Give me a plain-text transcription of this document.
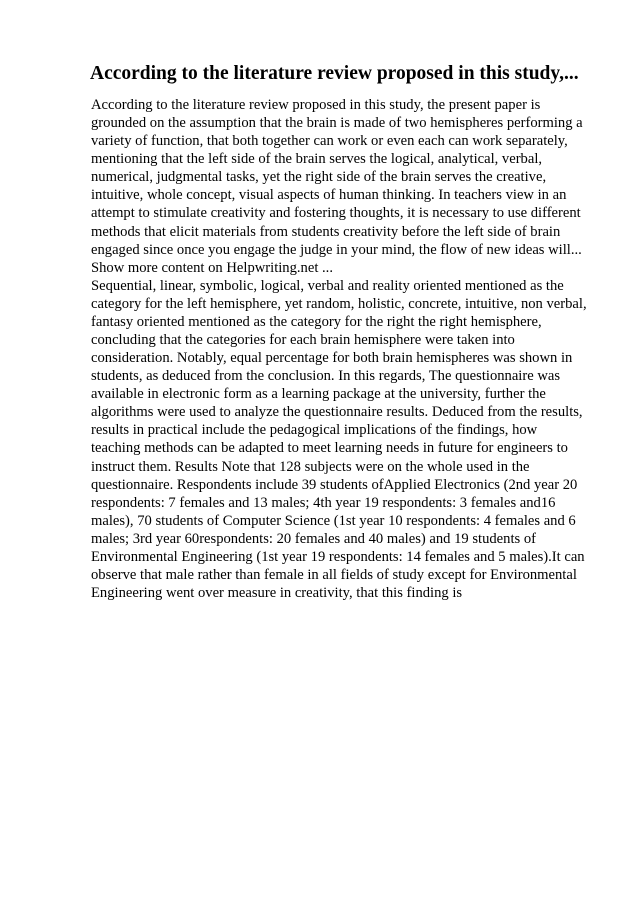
According to the literature review proposed in this study,...

According to the literature review proposed in this study, the present paper is
grounded on the assumption that the brain is made of two hemispheres performing a
variety of function, that both together can work or even each can work separately,
mentioning that the left side of the brain serves the logical, analytical, verbal,
numerical, judgmental tasks, yet the right side of the brain serves the creative,
intuitive, whole concept, visual aspects of human thinking. In teachers view in an
attempt to stimulate creativity and fostering thoughts, it is necessary to use different
methods that elicit materials from students creativity before the left side of brain
engaged since once you engage the judge in your mind, the flow of new ideas will...
Show more content on Helpwriting.net ...

Sequential, linear, symbolic, logical, verbal and reality oriented mentioned as the
category for the left hemisphere, yet random, holistic, concrete, intuitive, non verbal,
fantasy oriented mentioned as the category for the right the right hemisphere,
concluding that the categories for each brain hemisphere were taken into
consideration. Notably, equal percentage for both brain hemispheres was shown in
students, as deduced from the conclusion. In this regards, The questionnaire was
available in electronic form as a learning package at the university, further the
algorithms were used to analyze the questionnaire results. Deduced from the results,
results in practical include the pedagogical implications of the findings, how
teaching methods can be adapted to meet learning needs in future for engineers to
instruct them. Results Note that 128 subjects were on the whole used in the
questionnaire. Respondents include 39 students ofApplied Electronics (2nd year 20
respondents: 7 females and 13 males; 4th year 19 respondents: 3 females and16
males), 70 students of Computer Science (1st year 10 respondents: 4 females and 6
males; 3rd year 60respondents: 20 females and 40 males) and 19 students of
Environmental Engineering (1st year 19 respondents: 14 females and 5 males).It can
observe that male rather than female in all fields of study except for Environmental
Engineering went over measure in creativity, that this finding is
